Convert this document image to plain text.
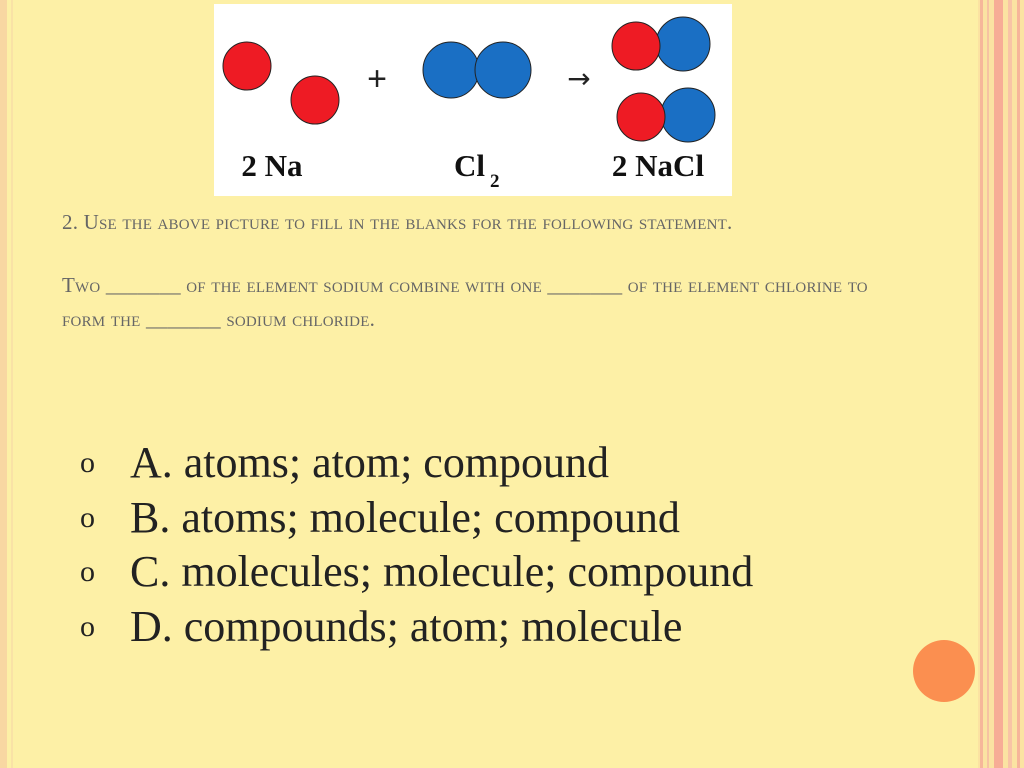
+	→
2 Na	Cl 2	2 NaCl

2. Use the above picture to fill in the blanks for the following statement.

Two _______ of the element sodium combine with one _______ of the element chlorine to form the _______ sodium chloride.

o A. atoms; atom; compound
o B. atoms; molecule; compound
o C. molecules; molecule; compound
o D. compounds; atom; molecule
